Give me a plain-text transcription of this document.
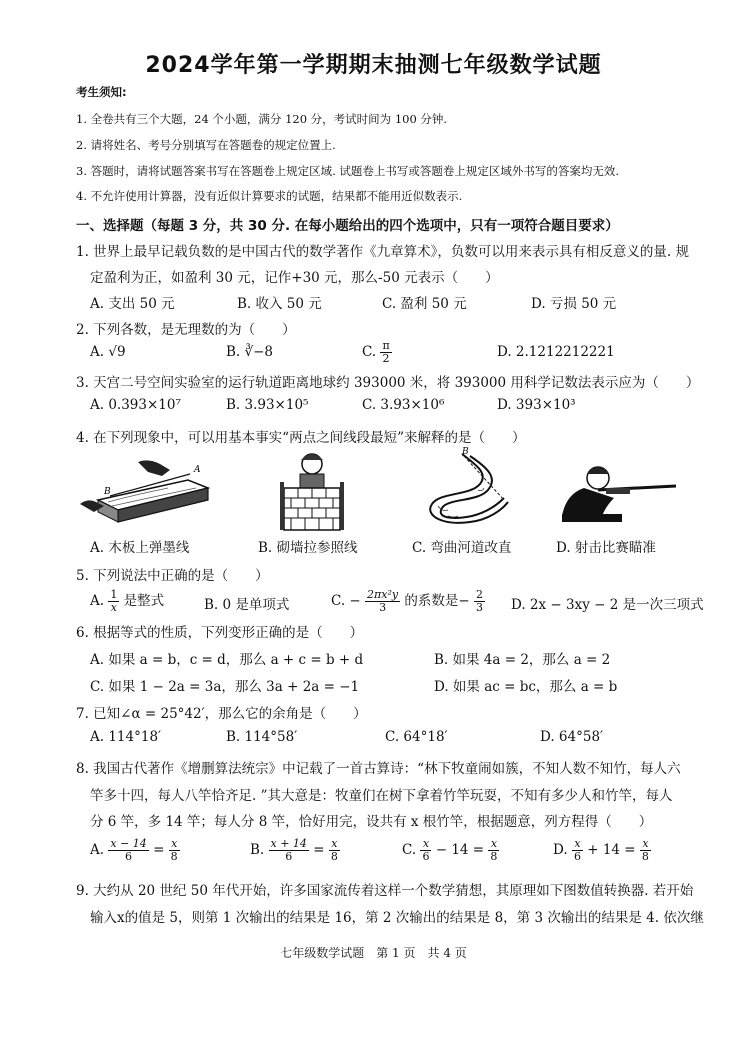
2024学年第一学期期末抽测七年级数学试题
考生须知:
1. 全卷共有三个大题，24 个小题，满分 120 分，考试时间为 100 分钟.
2. 请将姓名、考号分别填写在答题卷的规定位置上.
3. 答题时，请将试题答案书写在答题卷上规定区域. 试题卷上书写或答题卷上规定区域外书写的答案均无效.
4. 不允许使用计算器，没有近似计算要求的试题，结果都不能用近似数表示.
一、选择题（每题 3 分，共 30 分. 在每小题给出的四个选项中，只有一项符合题目要求）
1. 世界上最早记载负数的是中国古代的数学著作《九章算术》，负数可以用来表示具有相反意义的量. 规
定盈利为正，如盈利 30 元，记作+30 元，那么-50 元表示（　　）
A. 支出 50 元	B. 收入 50 元	C. 盈利 50 元	D. 亏损 50 元
2. 下列各数，是无理数的为（　　）
A. √9	B. ∛−8	C. $\frac{\pi}{2}$	D. 2.1212212221
3. 天宫二号空间实验室的运行轨道距离地球约 393000 米，将 393000 用科学记数法表示应为（　　）
A. 0.393×10⁷	B. 3.93×10⁵	C. 3.93×10⁶	D. 393×10³
4. 在下列现象中，可以用基本事实“两点之间线段最短”来解释的是（　　）
B
A
B
A. 木板上弹墨线	B. 砌墙拉参照线	C. 弯曲河道改直	D. 射击比赛瞄准
5. 下列说法中正确的是（　　）
A. $\frac{1}{x}$ 是整式	B. 0 是单项式	C. − $\frac{\text{2πx²y}}{3}$ 的系数是− $\frac{2}{3} D$. 2x − 3xy − 2 是一次三项式
6. 根据等式的性质，下列变形正确的是（　　）
A. 如果 a = b，c = d，那么 a + c = b + d	B. 如果 4a = 2，那么 a = 2
C. 如果 1 − 2a = 3a，那么 3a + 2a = −1	D. 如果 ac = bc，那么 a = b
7. 已知∠α = 25°42′，那么它的余角是（　　）
A. 114°18′	B. 114°58′	C. 64°18′	D. 64°58′
8. 我国古代著作《增删算法统宗》中记载了一首古算诗：“林下牧童闹如簇，不知人数不知竹，每人六
竿多十四，每人八竿恰齐足. ”其大意是：牧童们在树下拿着竹竿玩耍，不知有多少人和竹竿，每人
分 6 竿，多 14 竿；每人分 8 竿，恰好用完，设共有 x 根竹竿，根据题意，列方程得（　　）
A. $\frac{x - 14}{6} = \frac{x}{8}$	B. $\frac{x + 14}{6} = \frac{x}{8}$	C. $\frac{x}{6} - 14 = \frac{x}{8}$	D. $\frac{x}{6} + 14 = \frac{x}{8}$
9. 大约从 20 世纪 50 年代开始，许多国家流传着这样一个数学猜想，其原理如下图数值转换器. 若开始
输入x的值是 5，则第 1 次输出的结果是 16，第 2 次输出的结果是 8，第 3 次输出的结果是 4. 依次继
七年级数学试题　第 1 页　共 4 页
